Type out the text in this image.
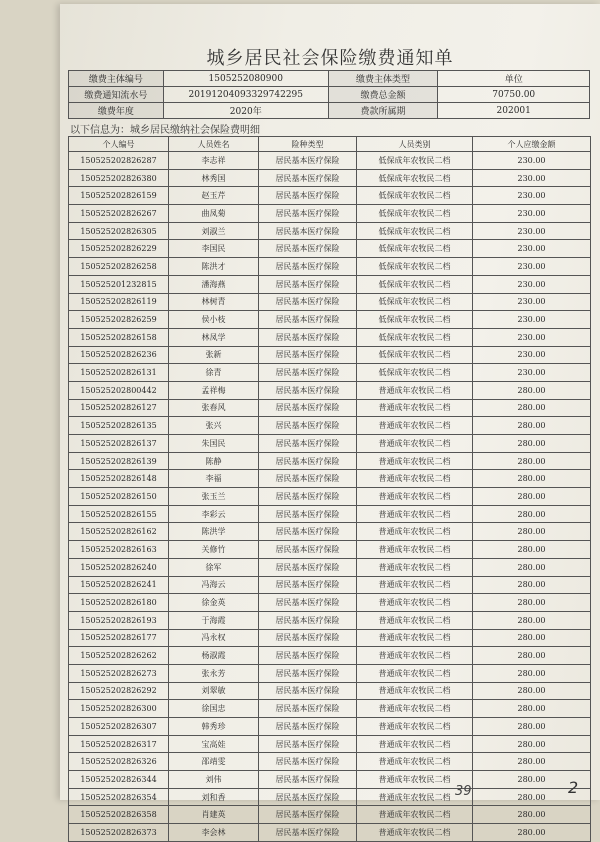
城乡居民社会保险缴费通知单
缴费主体编号	1505252080900	缴费主体类型	单位
缴费通知流水号	20191204093329742295	缴费总金额	70750.00
缴费年度	2020年	费款所属期	202001
以下信息为：城乡居民缴纳社会保险费明细
个人编号	人员姓名	险种类型	人员类别	个人应缴金额
150525202826287	李志祥	居民基本医疗保险	低保成年农牧民二档	230.00
150525202826380	林秀国	居民基本医疗保险	低保成年农牧民二档	230.00
150525202826159	赵玉芹	居民基本医疗保险	低保成年农牧民二档	230.00
150525202826267	曲凤菊	居民基本医疗保险	低保成年农牧民二档	230.00
150525202826305	刘淑兰	居民基本医疗保险	低保成年农牧民二档	230.00
150525202826229	李国民	居民基本医疗保险	低保成年农牧民二档	230.00
150525202826258	陈洪才	居民基本医疗保险	低保成年农牧民二档	230.00
150525201232815	潘海燕	居民基本医疗保险	低保成年农牧民二档	230.00
150525202826119	林树青	居民基本医疗保险	低保成年农牧民二档	230.00
150525202826259	侯小枝	居民基本医疗保险	低保成年农牧民二档	230.00
150525202826158	林凤学	居民基本医疗保险	低保成年农牧民二档	230.00
150525202826236	张新	居民基本医疗保险	低保成年农牧民二档	230.00
150525202826131	徐青	居民基本医疗保险	低保成年农牧民二档	230.00
150525202800442	孟祥梅	居民基本医疗保险	普通成年农牧民二档	280.00
150525202826127	张春风	居民基本医疗保险	普通成年农牧民二档	280.00
150525202826135	张兴	居民基本医疗保险	普通成年农牧民二档	280.00
150525202826137	朱国民	居民基本医疗保险	普通成年农牧民二档	280.00
150525202826139	陈静	居民基本医疗保险	普通成年农牧民二档	280.00
150525202826148	李福	居民基本医疗保险	普通成年农牧民二档	280.00
150525202826150	张玉兰	居民基本医疗保险	普通成年农牧民二档	280.00
150525202826155	李彩云	居民基本医疗保险	普通成年农牧民二档	280.00
150525202826162	陈洪学	居民基本医疗保险	普通成年农牧民二档	280.00
150525202826163	关修竹	居民基本医疗保险	普通成年农牧民二档	280.00
150525202826240	徐军	居民基本医疗保险	普通成年农牧民二档	280.00
150525202826241	冯海云	居民基本医疗保险	普通成年农牧民二档	280.00
150525202826180	徐金英	居民基本医疗保险	普通成年农牧民二档	280.00
150525202826193	于海霞	居民基本医疗保险	普通成年农牧民二档	280.00
150525202826177	冯永权	居民基本医疗保险	普通成年农牧民二档	280.00
150525202826262	杨淑霞	居民基本医疗保险	普通成年农牧民二档	280.00
150525202826273	张永芳	居民基本医疗保险	普通成年农牧民二档	280.00
150525202826292	刘翠敏	居民基本医疗保险	普通成年农牧民二档	280.00
150525202826300	徐国忠	居民基本医疗保险	普通成年农牧民二档	280.00
150525202826307	韩秀珍	居民基本医疗保险	普通成年农牧民二档	280.00
150525202826317	宝高娃	居民基本医疗保险	普通成年农牧民二档	280.00
150525202826326	邵靖雯	居民基本医疗保险	普通成年农牧民二档	280.00
150525202826344	刘伟	居民基本医疗保险	普通成年农牧民二档	280.00
150525202826354	刘和香	居民基本医疗保险	普通成年农牧民二档	280.00
150525202826358	肖建英	居民基本医疗保险	普通成年农牧民二档	280.00
150525202826373	李会林	居民基本医疗保险	普通成年农牧民二档	280.00
39	2
